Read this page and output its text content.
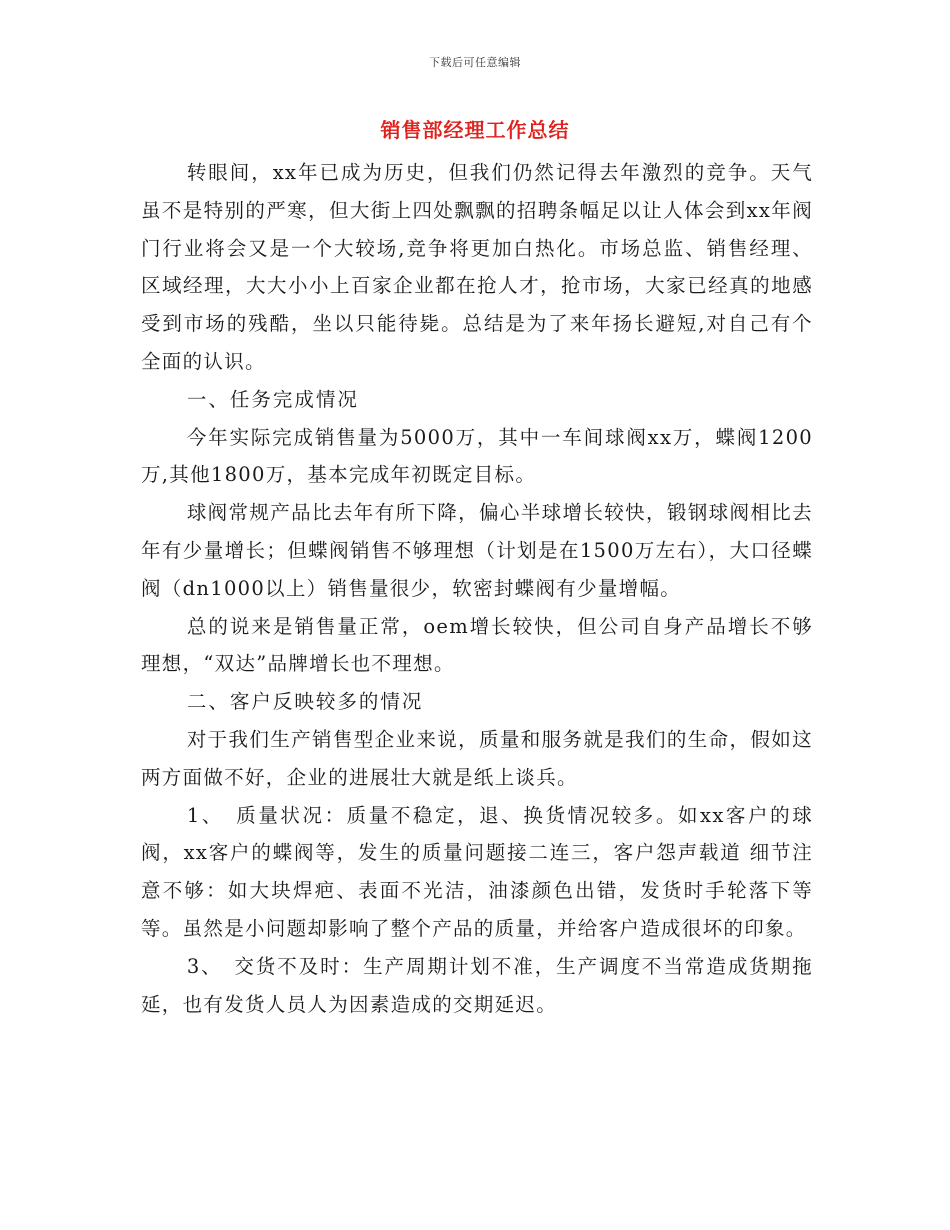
下载后可任意编辑
销售部经理工作总结

转眼间，xx年已成为历史，但我们仍然记得去年激烈的竞争。天气虽不是特别的严寒，但大街上四处飘飘的招聘条幅足以让人体会到xx年阀门行业将会又是一个大较场,竞争将更加白热化。市场总监、销售经理、区域经理，大大小小上百家企业都在抢人才，抢市场，大家已经真的地感受到市场的残酷，坐以只能待毙。总结是为了来年扬长避短,对自己有个全面的认识。

一、任务完成情况

今年实际完成销售量为5000万，其中一车间球阀xx万，蝶阀1200万,其他1800万，基本完成年初既定目标。

球阀常规产品比去年有所下降，偏心半球增长较快，锻钢球阀相比去年有少量增长；但蝶阀销售不够理想（计划是在1500万左右），大口径蝶阀（dn1000以上）销售量很少，软密封蝶阀有少量增幅。

总的说来是销售量正常，oem增长较快，但公司自身产品增长不够理想，“双达”品牌增长也不理想。

二、客户反映较多的情况

对于我们生产销售型企业来说，质量和服务就是我们的生命，假如这两方面做不好，企业的进展壮大就是纸上谈兵。

1、　质量状况：质量不稳定，退、换货情况较多。如xx客户的球阀，xx客户的蝶阀等，发生的质量问题接二连三，客户怨声载道 细节注意不够：如大块焊疤、表面不光洁，油漆颜色出错，发货时手轮落下等等。虽然是小问题却影响了整个产品的质量，并给客户造成很坏的印象。

3、　交货不及时：生产周期计划不准，生产调度不当常造成货期拖延，也有发货人员人为因素造成的交期延迟。
